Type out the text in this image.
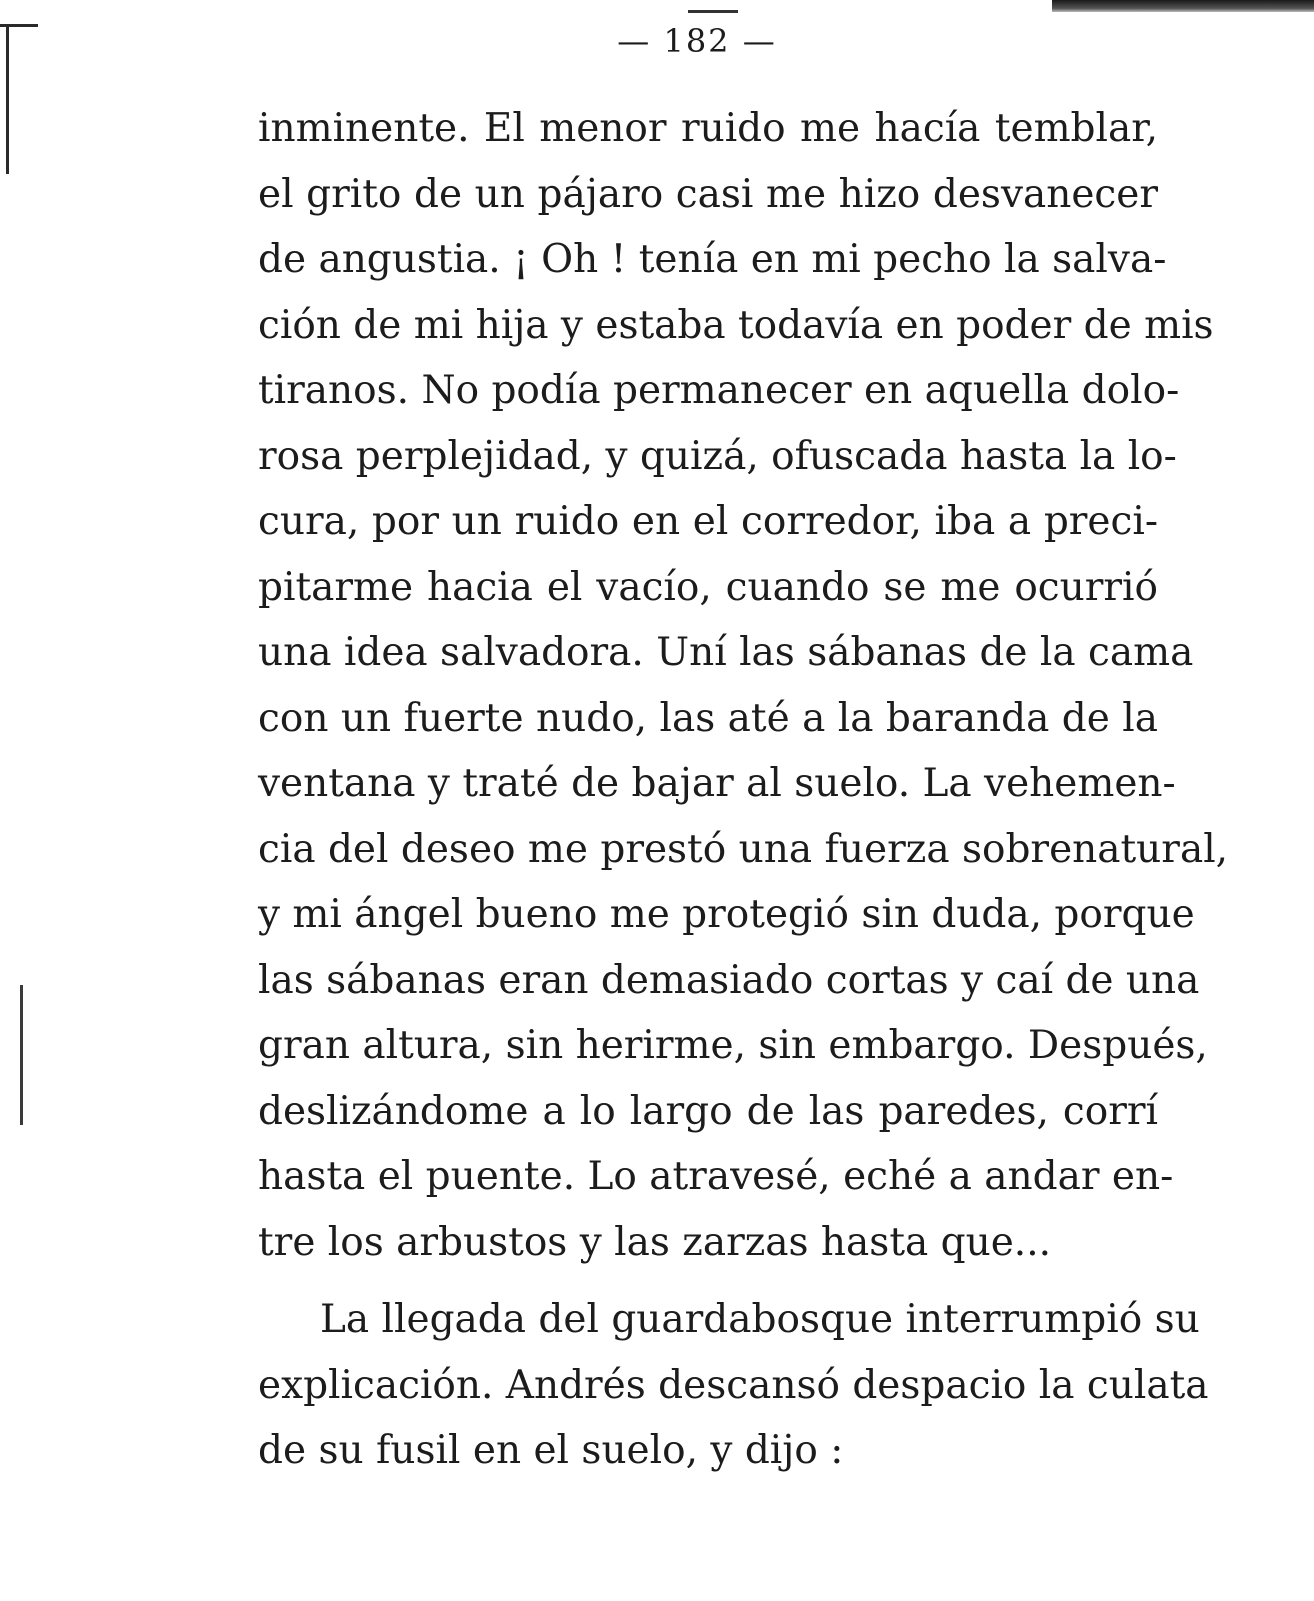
— 182 —
inminente. El menor ruido me hacía temblar,
el grito de un pájaro casi me hizo desvanecer
de angustia. ¡ Oh ! tenía en mi pecho la salva-
ción de mi hija y estaba todavía en poder de mis
tiranos. No podía permanecer en aquella dolo-
rosa perplejidad, y quizá, ofuscada hasta la lo-
cura, por un ruido en el corredor, iba a preci-
pitarme hacia el vacío, cuando se me ocurrió
una idea salvadora. Uní las sábanas de la cama
con un fuerte nudo, las até a la baranda de la
ventana y traté de bajar al suelo. La vehemen-
cia del deseo me prestó una fuerza sobrenatural,
y mi ángel bueno me protegió sin duda, porque
las sábanas eran demasiado cortas y caí de una
gran altura, sin herirme, sin embargo. Después,
deslizándome a lo largo de las paredes, corrí
hasta el puente. Lo atravesé, eché a andar en-
tre los arbustos y las zarzas hasta que...
La llegada del guardabosque interrumpió su
explicación. Andrés descansó despacio la culata
de su fusil en el suelo, y dijo :
